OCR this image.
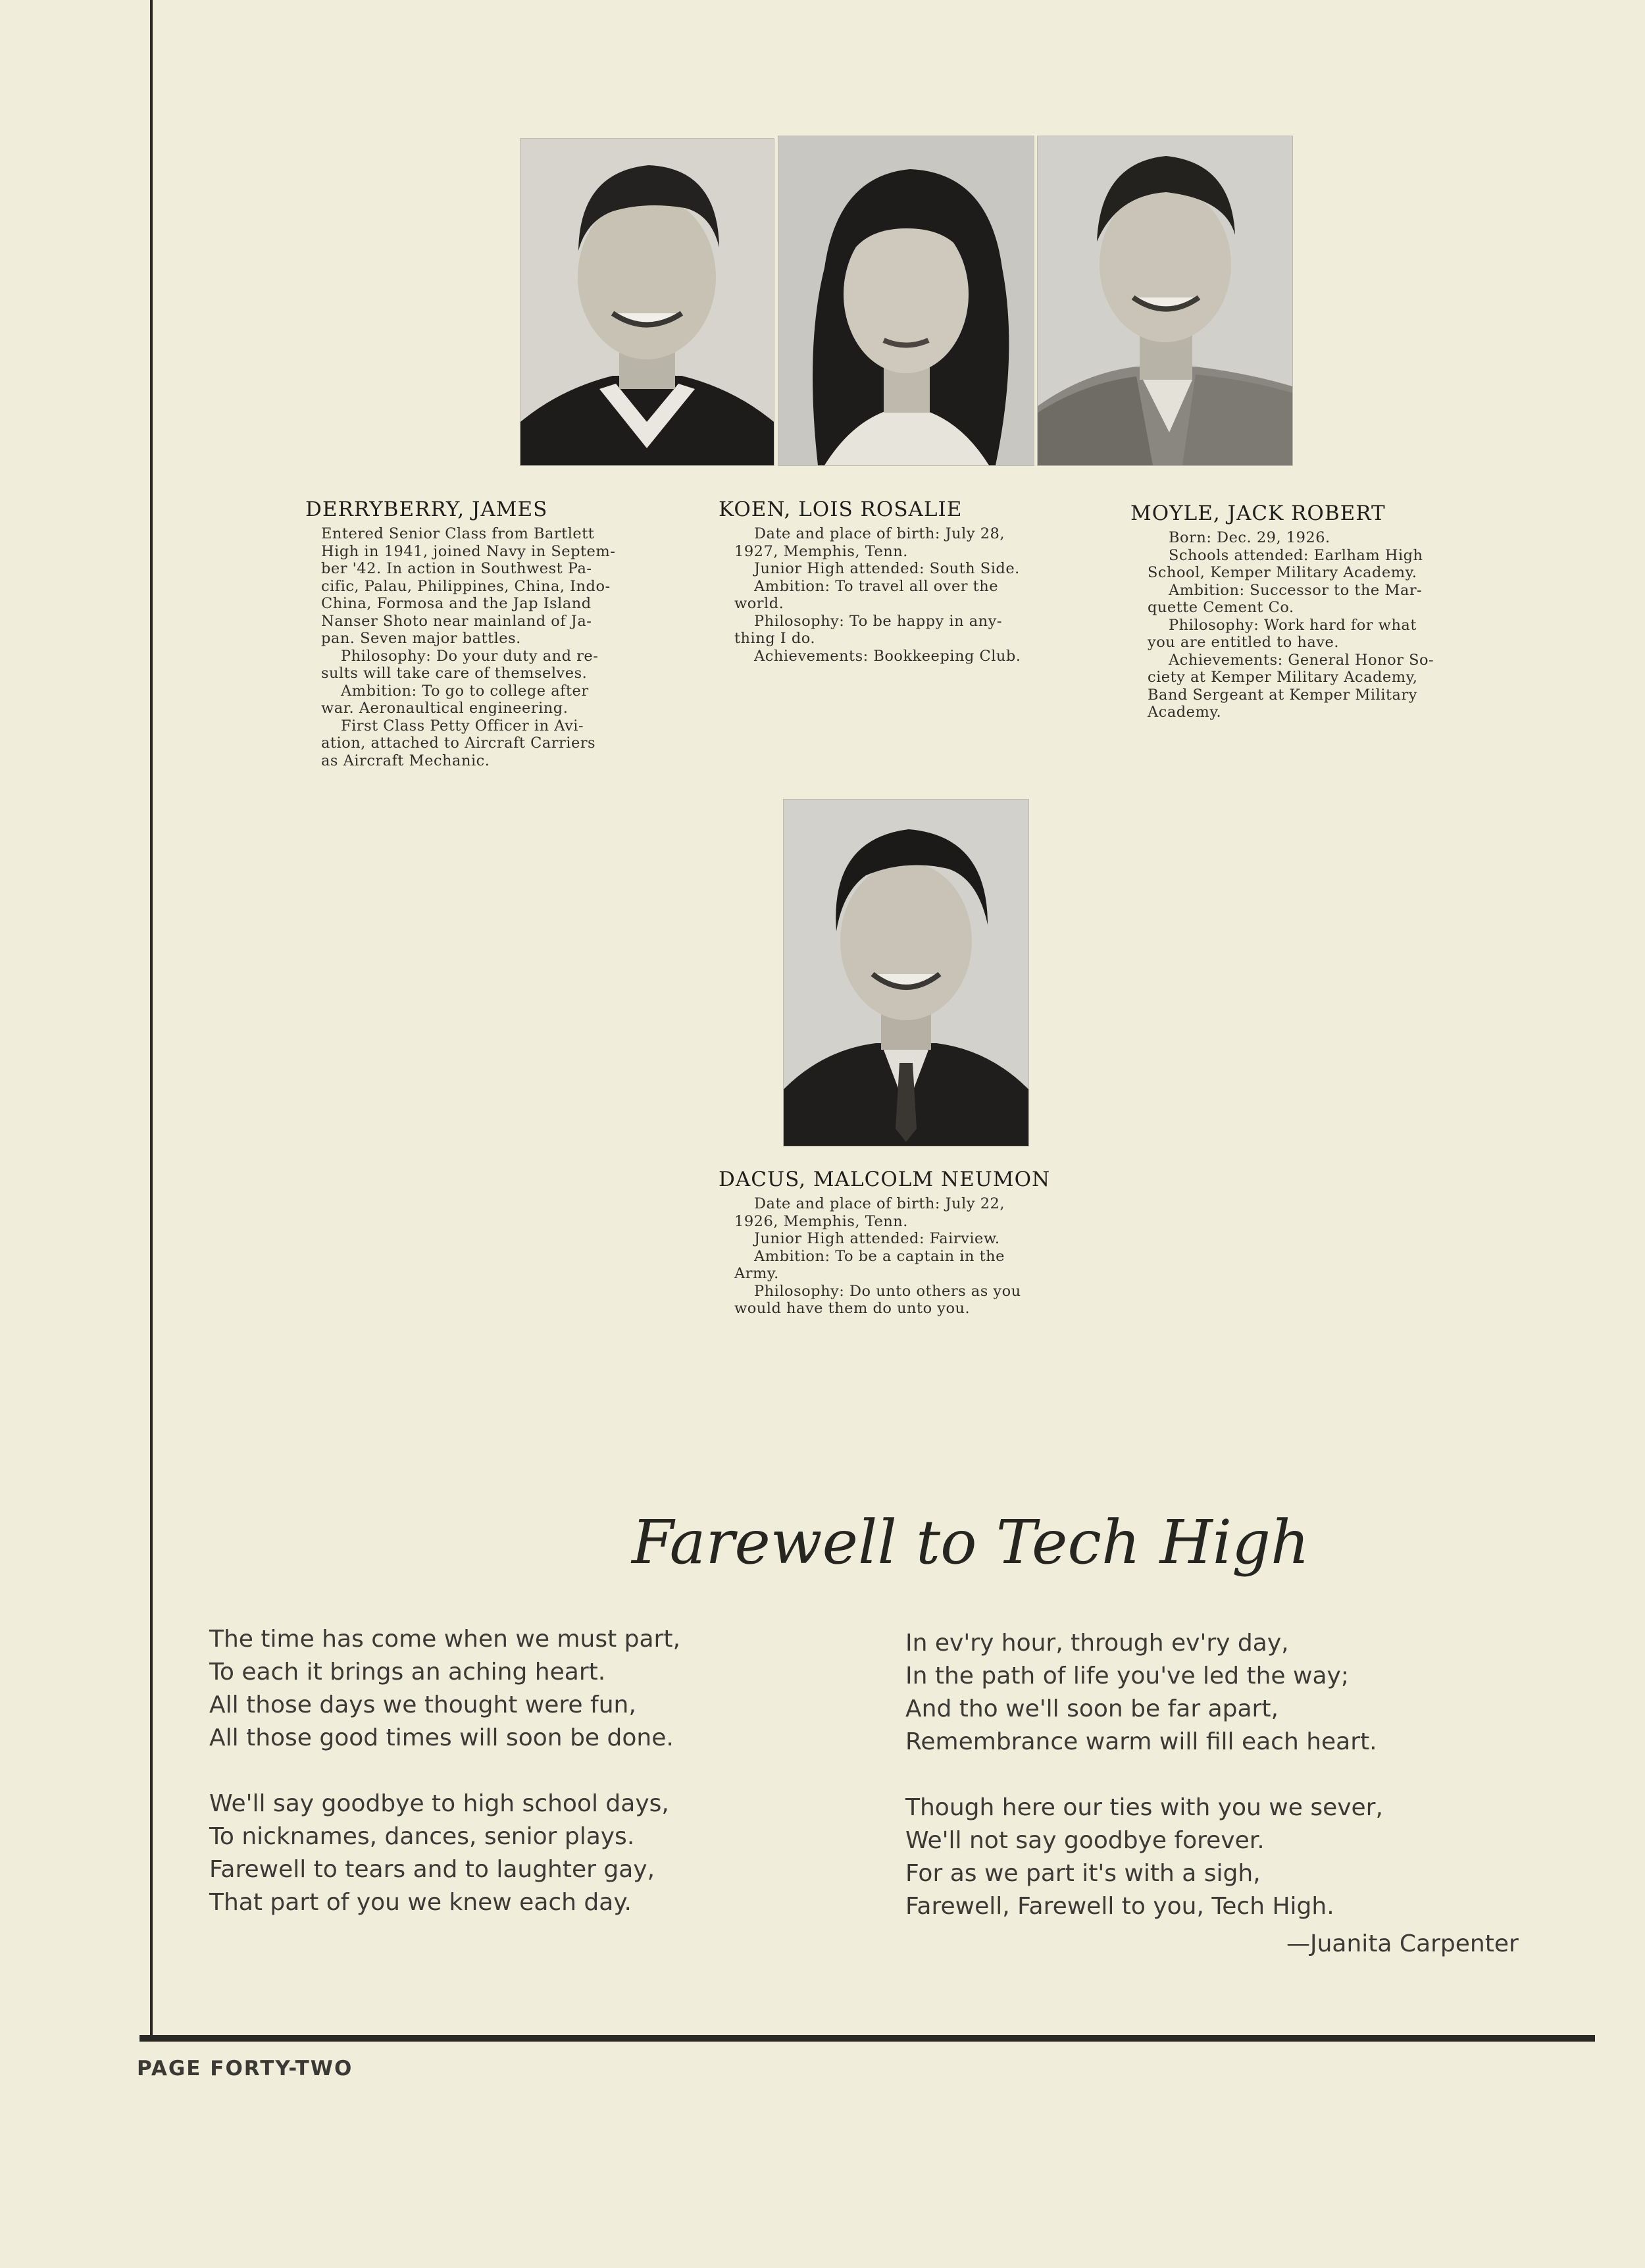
DERRYBERRY, JAMES

Entered Senior Class from Bartlett

High in 1941, joined Navy in Septem-

ber '42. In action in Southwest Pa-

cific, Palau, Philippines, China, Indo-

China, Formosa and the Jap Island

Nanser Shoto near mainland of Ja-

pan. Seven major battles.

Philosophy: Do your duty and re-

sults will take care of themselves.

Ambition: To go to college after

war. Aeronaultical engineering.

First Class Petty Officer in Avi-

ation, attached to Aircraft Carriers

as Aircraft Mechanic.

KOEN, LOIS ROSALIE

Date and place of birth: July 28,

1927, Memphis, Tenn.

Junior High attended: South Side.

Ambition: To travel all over the

world.

Philosophy: To be happy in any-

thing I do.

Achievements: Bookkeeping Club.

MOYLE, JACK ROBERT

Born: Dec. 29, 1926.

Schools attended: Earlham High

School, Kemper Military Academy.

Ambition: Successor to the Mar-

quette Cement Co.

Philosophy: Work hard for what

you are entitled to have.

Achievements: General Honor So-

ciety at Kemper Military Academy,

Band Sergeant at Kemper Military

Academy.

DACUS, MALCOLM NEUMON

Date and place of birth: July 22,

1926, Memphis, Tenn.

Junior High attended: Fairview.

Ambition: To be a captain in the

Army.

Philosophy: Do unto others as you

would have them do unto you.

Farewell to Tech High

The time has come when we must part,

To each it brings an aching heart.

All those days we thought were fun,

All those good times will soon be done.

We'll say goodbye to high school days,

To nicknames, dances, senior plays.

Farewell to tears and to laughter gay,

That part of you we knew each day.

In ev'ry hour, through ev'ry day,

In the path of life you've led the way;

And tho we'll soon be far apart,

Remembrance warm will fill each heart.

Though here our ties with you we sever,

We'll not say goodbye forever.

For as we part it's with a sigh,

Farewell, Farewell to you, Tech High.

—Juanita Carpenter
PAGE FORTY-TWO
